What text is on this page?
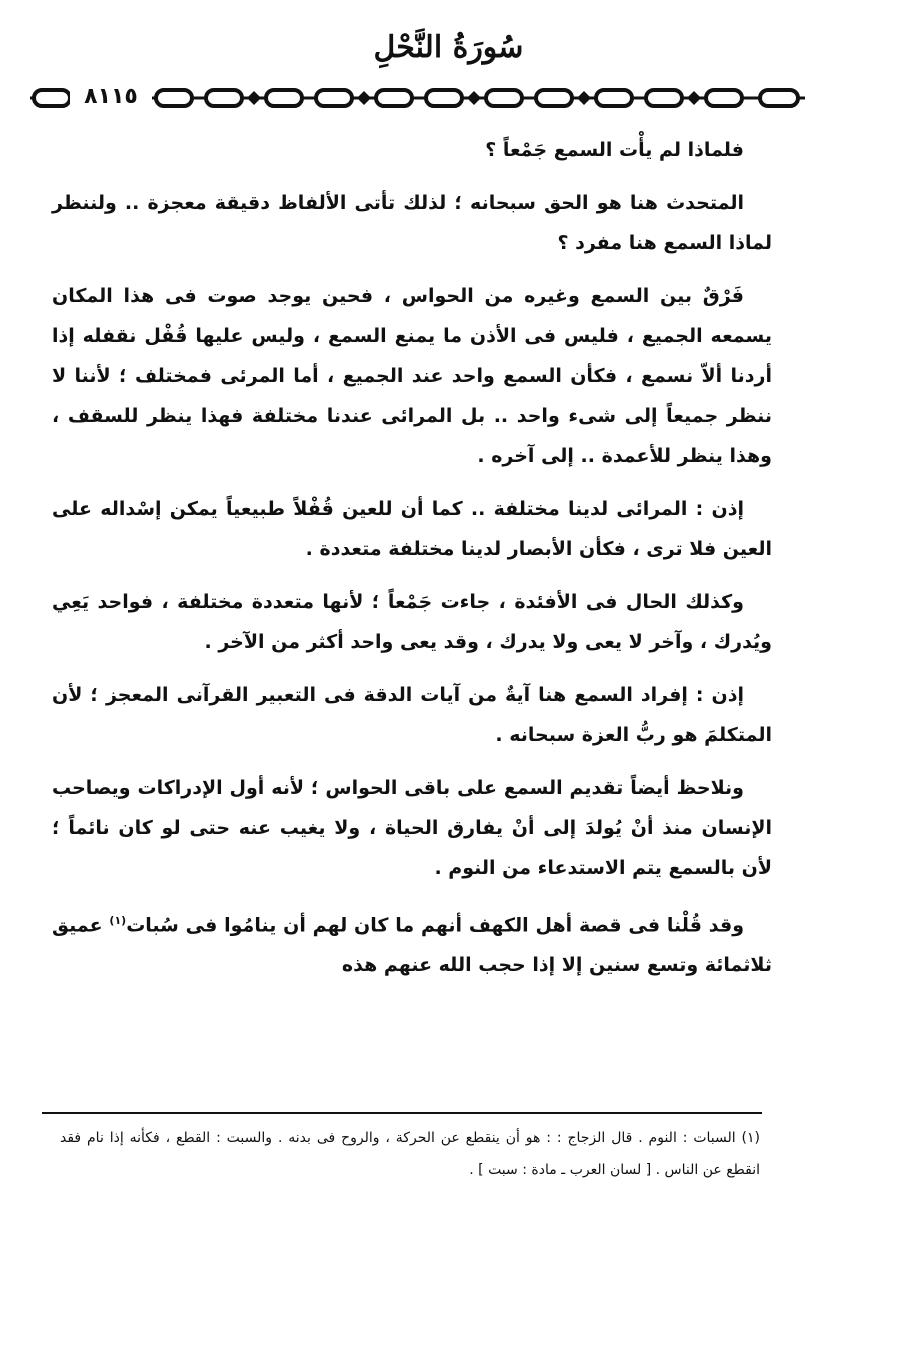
سُورَةُ النَّحْلِ
٨١١٥

فلماذا لم يأْت السمع جَمْعاً ؟

المتحدث هنا هو الحق سبحانه ؛ لذلك تأتى الألفاظ دقيقة معجزة .. ولننظر لماذا السمع هنا مفرد ؟

فَرْقٌ بين السمع وغيره من الحواس ، فحين يوجد صوت فى هذا المكان يسمعه الجميع ، فليس فى الأذن ما يمنع السمع ، وليس عليها قُفْل نقفله إذا أردنا ألاّ نسمع ، فكأن السمع واحد عند الجميع ، أما المرئى فمختلف ؛ لأننا لا ننظر جميعاً إلى شىء واحد .. بل المرائى عندنا مختلفة فهذا ينظر للسقف ، وهذا ينظر للأعمدة .. إلى آخره .

إذن : المرائى لدينا مختلفة .. كما أن للعين قُفْلاً طبيعياً يمكن إسْداله على العين فلا ترى ، فكأن الأبصار لدينا مختلفة متعددة .

وكذلك الحال فى الأفئدة ، جاءت جَمْعاً ؛ لأنها متعددة مختلفة ، فواحد يَعِي ويُدرك ، وآخر لا يعى ولا يدرك ، وقد يعى واحد أكثر من الآخر .

إذن : إفراد السمع هنا آيةٌ من آيات الدقة فى التعبير القرآنى المعجز ؛ لأن المتكلمَ هو ربُّ العزة سبحانه .

ونلاحظ أيضاً تقديم السمع على باقى الحواس ؛ لأنه أول الإدراكات ويصاحب الإنسان منذ أنْ يُولدَ إلى أنْ يفارق الحياة ، ولا يغيب عنه حتى لو كان نائماً ؛ لأن بالسمع يتم الاستدعاء من النوم .

وقد قُلْنا فى قصة أهل الكهف أنهم ما كان لهم أن ينامُوا فى سُبات$^{(١)}$ عميق ثلاثمائة وتسع سنين إلا إذا حجب الله عنهم هذه

(١) السبات : النوم . قال الزجاج : : هو أن ينقطع عن الحركة ، والروح فى بدنه . والسبت : القطع ، فكأنه إذا نام فقد انقطع عن الناس . [ لسان العرب ـ مادة : سبت ] .
